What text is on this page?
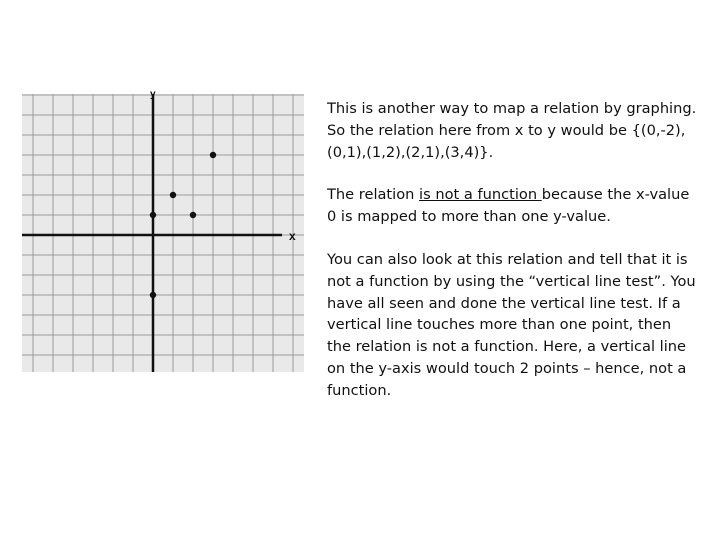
x
y

This is another way to map a relation by graphing. So the relation here from x to y would be {(0,-2),(0,1),(1,2),(2,1),(3,4)}.

The relation is not a function because the x-value 0 is mapped to more than one y-value.

You can also look at this relation and tell that it is not a function by using the “vertical line test”. You have all seen and done the vertical line test. If a vertical line touches more than one point, then the relation is not a function. Here, a vertical line on the y-axis would touch 2 points – hence, not a function.
